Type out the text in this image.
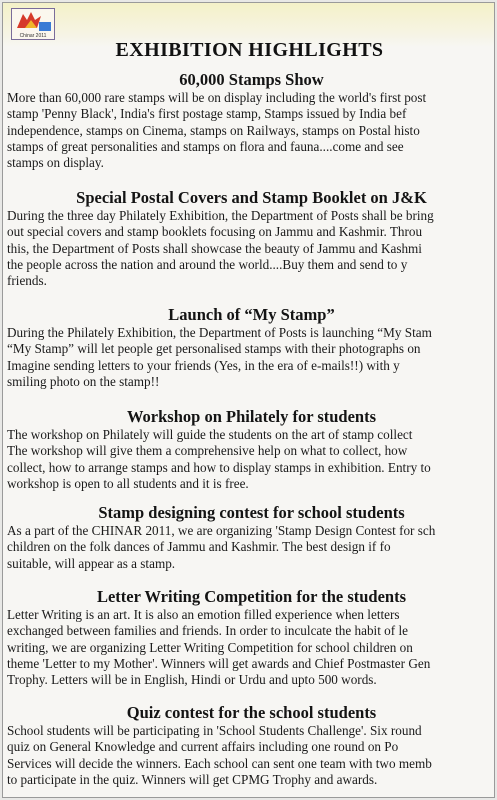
Chinar 2011
EXHIBITION HIGHLIGHTS
60,000 Stamps Show
More than 60,000 rare stamps will be on display including the world's first post
stamp 'Penny Black', India's first postage stamp, Stamps issued by India bef
independence, stamps on Cinema, stamps on Railways, stamps on Postal histo
stamps of great personalities and stamps on flora and fauna....come and see
stamps on display.
Special Postal Covers and Stamp Booklet on J&K
During the three day Philately Exhibition, the Department of Posts shall be bring
out special covers and stamp booklets focusing on Jammu and Kashmir. Throu
this, the Department of Posts shall showcase the beauty of Jammu and Kashmi
the people across the nation and around the world....Buy them and send to y
friends.
Launch of “My Stamp”
During the Philately Exhibition, the Department of Posts is launching “My Stam
“My Stamp” will let people get personalised stamps with their photographs on
Imagine sending letters to your friends (Yes, in the era of e-mails!!) with y
smiling photo on the stamp!!
Workshop on Philately for students
The workshop on Philately will guide the students on the art of stamp collect
The workshop will give them a comprehensive help on what to collect, how
collect, how to arrange stamps and how to display stamps in exhibition. Entry to
workshop is open to all students and it is free.
Stamp designing contest for school students
As a part of the CHINAR 2011, we are organizing 'Stamp Design Contest for sch
children on the folk dances of Jammu and Kashmir. The best design if fo
suitable, will appear as a stamp.
Letter Writing Competition for the students
Letter Writing is an art. It is also an emotion filled experience when letters
exchanged between families and friends. In order to inculcate the habit of le
writing, we are organizing Letter Writing Competition for school children on
theme 'Letter to my Mother'. Winners will get awards and Chief Postmaster Gen
Trophy. Letters will be in English, Hindi or Urdu and upto 500 words.
Quiz contest for the school students
School students will be participating in 'School Students Challenge'. Six round
quiz on General Knowledge and current affairs including one round on Po
Services will decide the winners. Each school can sent one team with two memb
to participate in the quiz. Winners will get CPMG Trophy and awards.
